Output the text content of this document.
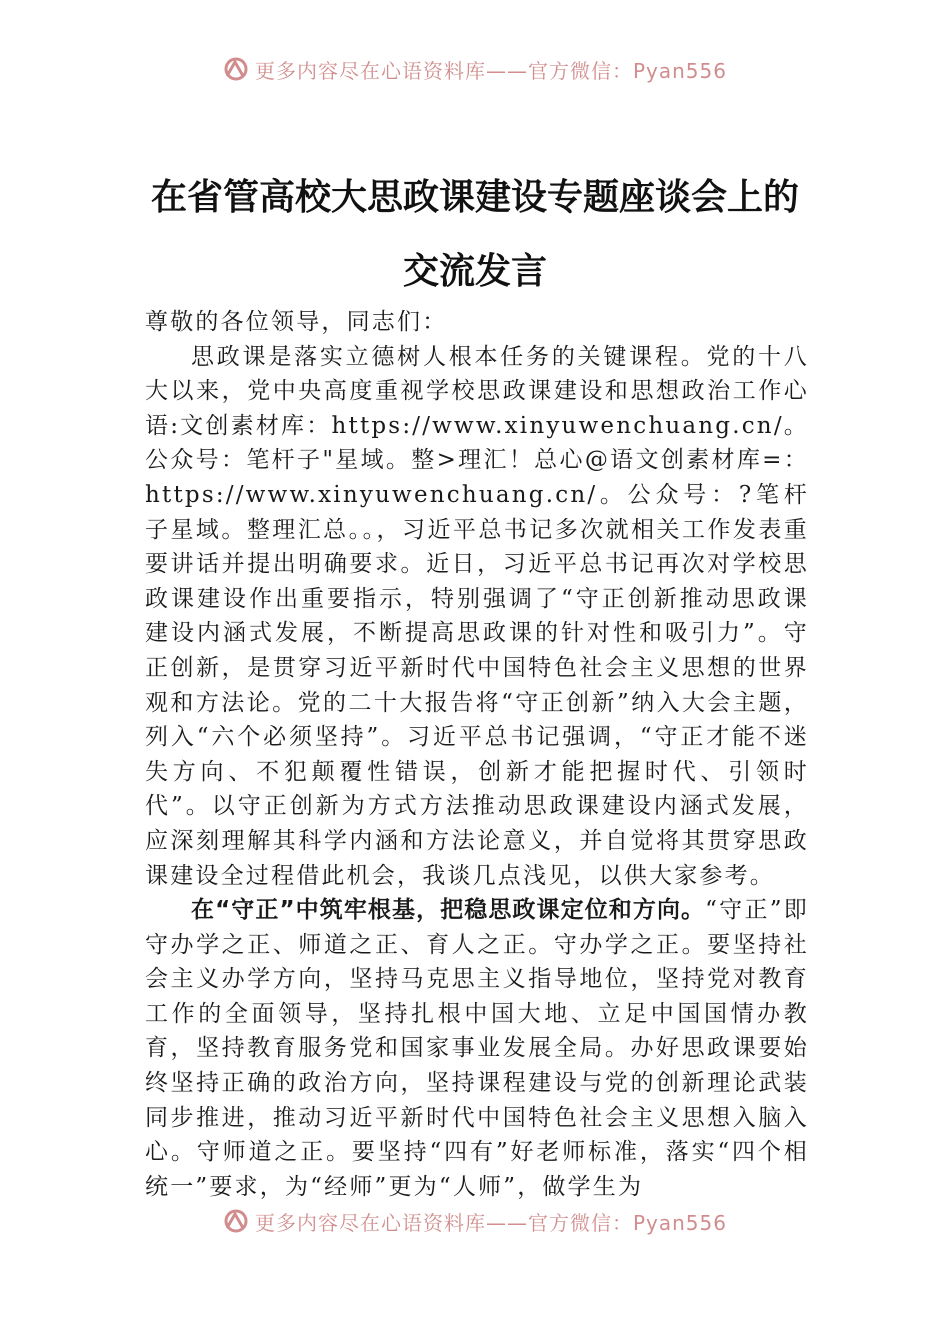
更多内容尽在心语资料库——官方微信：Pyan556
在省管高校大思政课建设专题座谈会上的
交流发言

尊敬的各位领导，同志们：

思政课是落实立德树人根本任务的关键课程。党的十八大以来，党中央高度重视学校思政课建设和思想政治工作心语:文创素材库：https://www.xinyuwenchuang.cn/。公众号：笔杆子"星域。整>理汇！总心@语文创素材库=：https://www.xinyuwenchuang.cn/。公众号：?笔杆子星域。整理汇总。。，习近平总书记多次就相关工作发表重要讲话并提出明确要求。近日，习近平总书记再次对学校思政课建设作出重要指示，特别强调了“守正创新推动思政课建设内涵式发展，不断提高思政课的针对性和吸引力”。守正创新，是贯穿习近平新时代中国特色社会主义思想的世界观和方法论。党的二十大报告将“守正创新”纳入大会主题，列入“六个必须坚持”。习近平总书记强调，“守正才能不迷失方向、不犯颠覆性错误，创新才能把握时代、引领时代”。以守正创新为方式方法推动思政课建设内涵式发展，应深刻理解其科学内涵和方法论意义，并自觉将其贯穿思政课建设全过程借此机会，我谈几点浅见，以供大家参考。

在“守正”中筑牢根基，把稳思政课定位和方向。“守正”即守办学之正、师道之正、育人之正。守办学之正。要坚持社会主义办学方向，坚持马克思主义指导地位，坚持党对教育工作的全面领导，坚持扎根中国大地、立足中国国情办教育，坚持教育服务党和国家事业发展全局。办好思政课要始终坚持正确的政治方向，坚持课程建设与党的创新理论武装同步推进，推动习近平新时代中国特色社会主义思想入脑入心。守师道之正。要坚持“四有”好老师标准，落实“四个相统一”要求，为“经师”更为“人师”，做学生为

更多内容尽在心语资料库——官方微信：Pyan556
